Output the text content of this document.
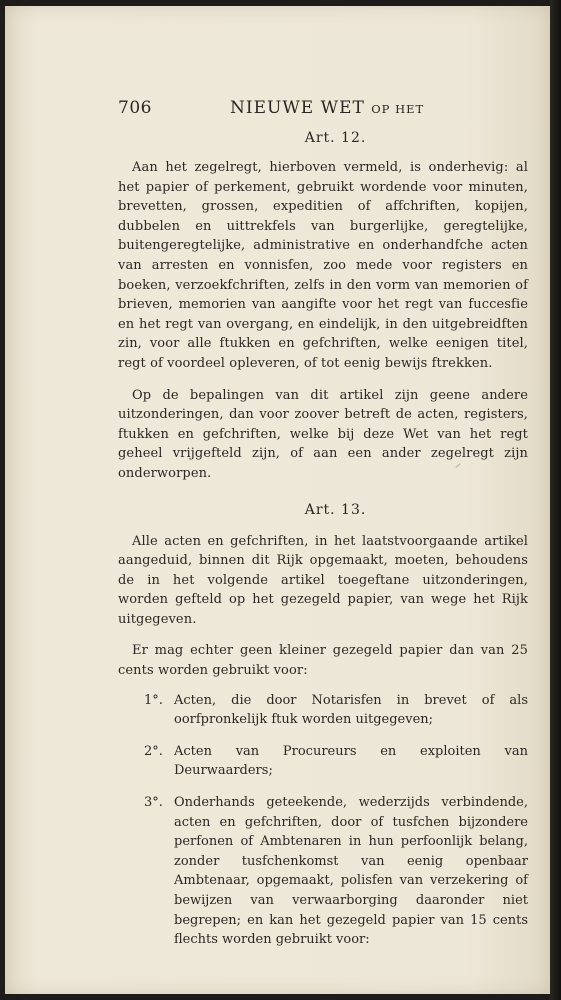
706	NIEUWE WET OP HET
Art. 12.

Aan het zegelregt, hierboven vermeld, is onderhevig: al het papier of perkement, gebruikt wordende voor minuten, brevetten, grossen, expeditien of affchriften, kopijen, dubbelen en uittrekfels van burgerlijke, geregtelijke, buitengeregtelijke, administrative en onderhandfche acten van arresten en vonnisfen, zoo mede voor registers en boeken, verzoekfchriften, zelfs in den vorm van memorien of brieven, memorien van aangifte voor het regt van fuccesfie en het regt van overgang, en eindelijk, in den uitgebreidften zin, voor alle ftukken en gefchriften, welke eenigen titel, regt of voordeel opleveren, of tot eenig bewijs ftrekken.

Op de bepalingen van dit artikel zijn geene andere uitzonderingen, dan voor zoover betreft de acten, registers, ftukken en gefchriften, welke bij deze Wet van het regt geheel vrijgefteld zijn, of aan een ander zegelregt zijn onderworpen.

Art. 13.

Alle acten en gefchriften, in het laatstvoorgaande artikel aangeduid, binnen dit Rijk opgemaakt, moeten, behoudens de in het volgende artikel toegeftane uitzonderingen, worden gefteld op het gezegeld papier, van wege het Rijk uitgegeven.

Er mag echter geen kleiner gezegeld papier dan van 25 cents worden gebruikt voor:

1°. Acten, die door Notarisfen in brevet of als oorfpronkelijk ftuk worden uitgegeven;
2°. Acten van Procureurs en exploiten van Deurwaarders;
3°. Onderhands geteekende, wederzijds verbindende, acten en gefchriften, door of tusfchen bijzondere perfonen of Ambtenaren in hun perfoonlijk belang, zonder tusfchenkomst van eenig openbaar Ambtenaar, opgemaakt, polisfen van verzekering of bewijzen van verwaarborging daaronder niet begrepen; en kan het gezegeld papier van 15 cents flechts worden gebruikt voor:
